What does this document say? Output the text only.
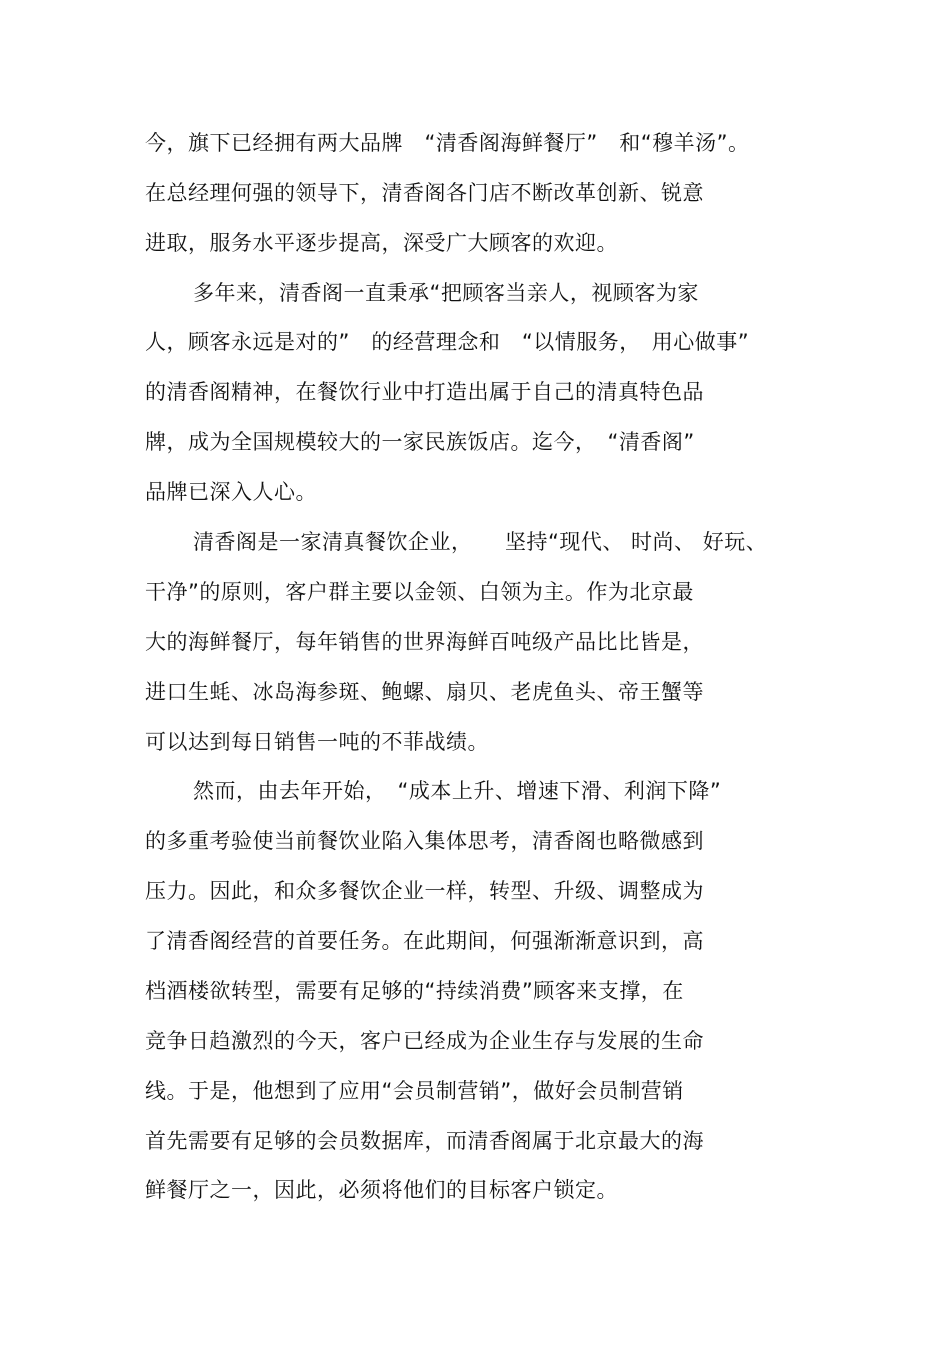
今，旗下已经拥有两大品牌　“清香阁海鲜餐厅”　和“穆羊汤”。
在总经理何强的领导下，清香阁各门店不断改革创新、锐意
进取，服务水平逐步提高，深受广大顾客的欢迎。
多年来，清香阁一直秉承“把顾客当亲人，视顾客为家
人，顾客永远是对的”　的经营理念和　“以情服务，　用心做事”
的清香阁精神，在餐饮行业中打造出属于自己的清真特色品
牌，成为全国规模较大的一家民族饭店。迄今，　“清香阁”
品牌已深入人心。
清香阁是一家清真餐饮企业，　　坚持“现代、 时尚、 好玩、
干净”的原则，客户群主要以金领、白领为主。作为北京最
大的海鲜餐厅，每年销售的世界海鲜百吨级产品比比皆是，
进口生蚝、冰岛海参斑、鲍螺、扇贝、老虎鱼头、帝王蟹等
可以达到每日销售一吨的不菲战绩。
然而，由去年开始，　“成本上升、增速下滑、利润下降”
的多重考验使当前餐饮业陷入集体思考，清香阁也略微感到
压力。因此，和众多餐饮企业一样，转型、升级、调整成为
了清香阁经营的首要任务。在此期间，何强渐渐意识到，高
档酒楼欲转型，需要有足够的“持续消费”顾客来支撑，在
竞争日趋激烈的今天，客户已经成为企业生存与发展的生命
线。于是，他想到了应用“会员制营销”，做好会员制营销
首先需要有足够的会员数据库，而清香阁属于北京最大的海
鲜餐厅之一，因此，必须将他们的目标客户锁定。
